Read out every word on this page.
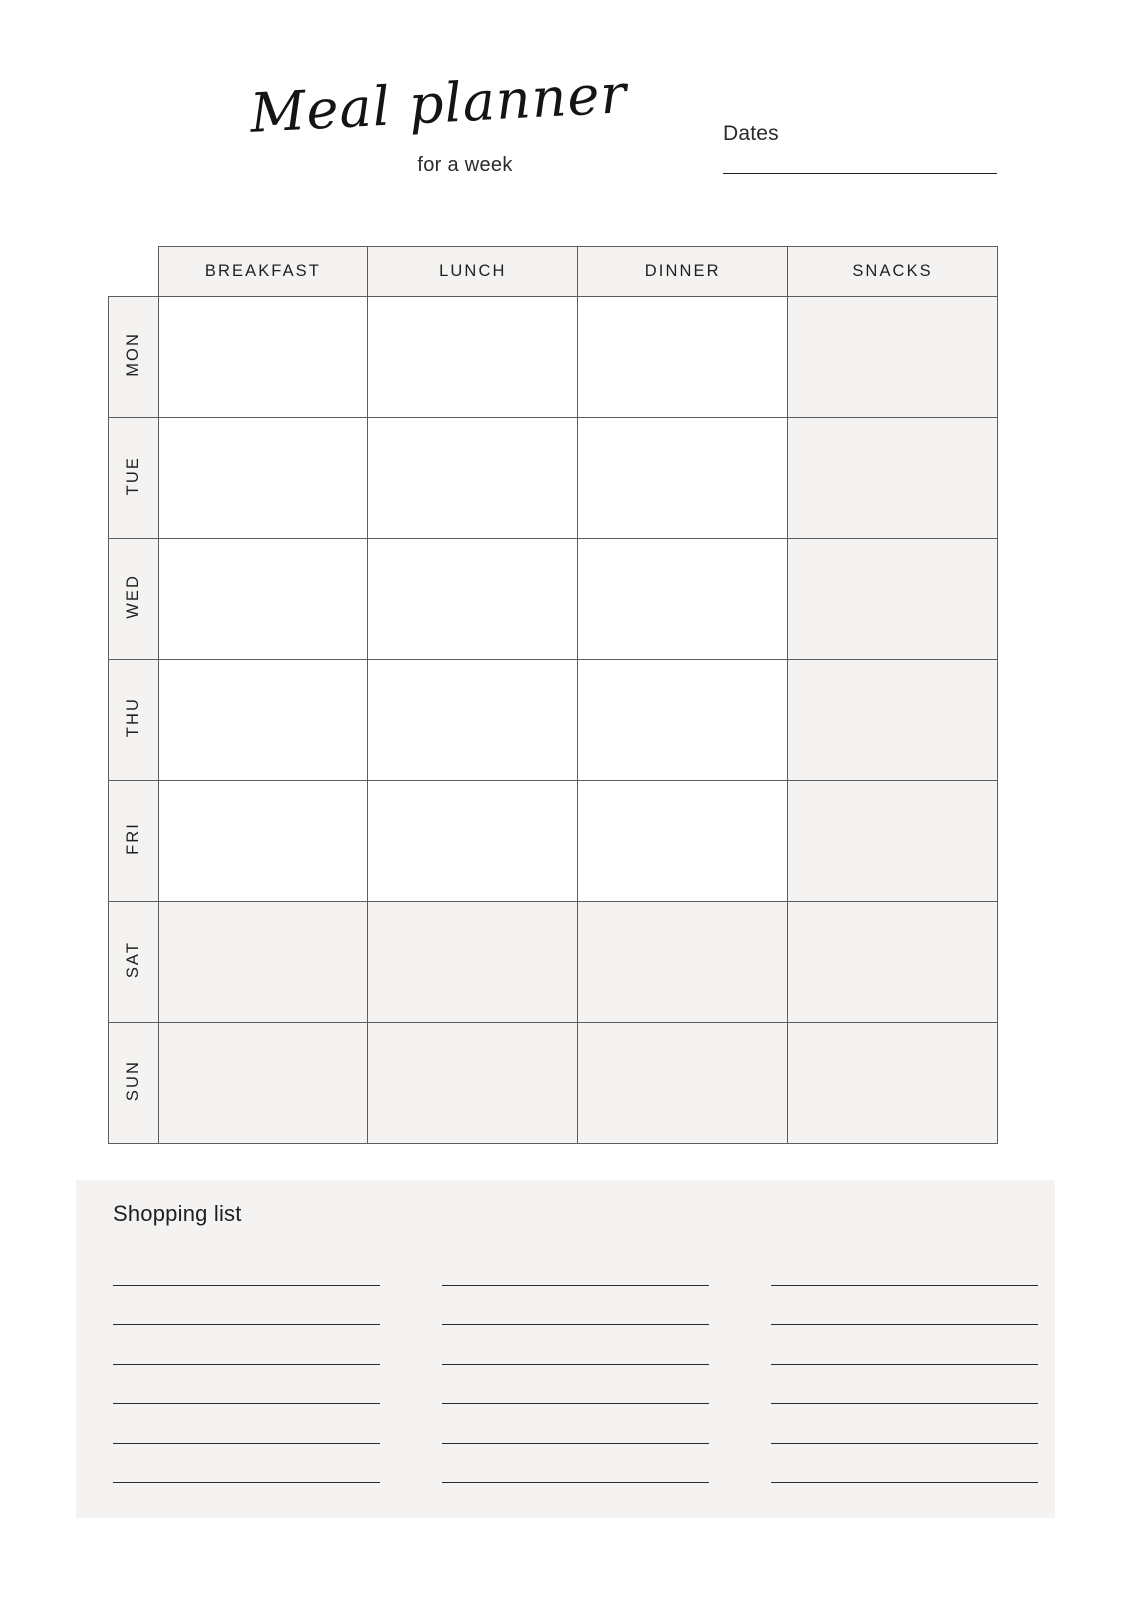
Meal planner
for a week
Dates
	BREAKFAST	LUNCH	DINNER	SNACKS
MON				
TUE				
WED				
THU				
FRI				
SAT				
SUN				
Shopping list
